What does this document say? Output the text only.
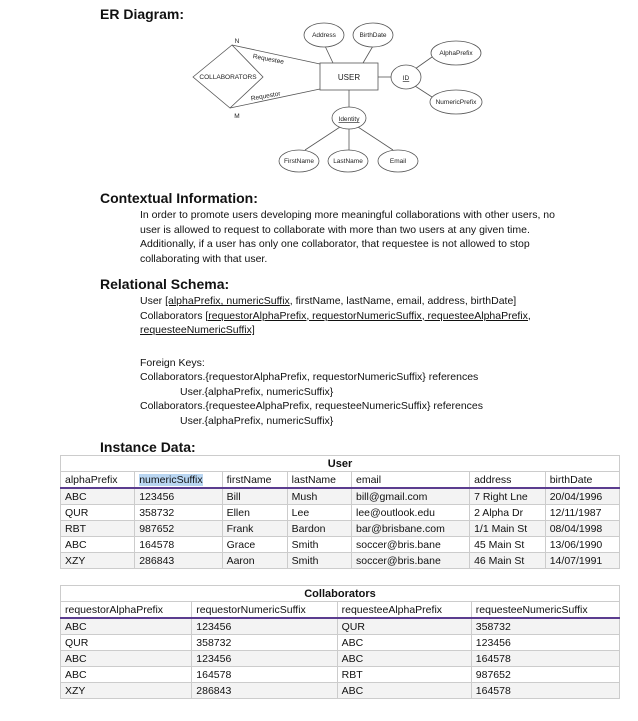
ER Diagram:
USER
COLLABORATORS
Address	BirthDate
ID
AlphaPrefix
NumericPrefix
Identity
FirstName	LastName	Email
Requestee
Requestor
N
M
Contextual Information:
In order to promote users developing more meaningful collaborations with other users, no
user is allowed to request to collaborate with more than two users at any given time.
Additionally, if a user has only one collaborator, that requestee is not allowed to stop
collaborating with that user.
Relational Schema:
User [alphaPrefix, numericSuffix, firstName, lastName, email, address, birthDate]
Collaborators [requestorAlphaPrefix, requestorNumericSuffix, requesteeAlphaPrefix,
requesteeNumericSuffix]
Foreign Keys:
Collaborators.{requestorAlphaPrefix, requestorNumericSuffix} references
User.{alphaPrefix, numericSuffix}
Collaborators.{requesteeAlphaPrefix, requesteeNumericSuffix} references
User.{alphaPrefix, numericSuffix}
Instance Data:
User						
alphaPrefix	numericSuffix	firstName	lastName	email	address	birthDate
ABC	123456	Bill	Mush	bill@gmail.com	7 Right Lne	20/04/1996
QUR	358732	Ellen	Lee	lee@outlook.edu	2 Alpha Dr	12/11/1987
RBT	987652	Frank	Bardon	bar@brisbane.com	1/1 Main St	08/04/1998
ABC	164578	Grace	Smith	soccer@bris.bane	45 Main St	13/06/1990
XZY	286843	Aaron	Smith	soccer@bris.bane	46 Main St	14/07/1991
Collaborators			
requestorAlphaPrefix	requestorNumericSuffix	requesteeAlphaPrefix	requesteeNumericSuffix
ABC	123456	QUR	358732
QUR	358732	ABC	123456
ABC	123456	ABC	164578
ABC	164578	RBT	987652
XZY	286843	ABC	164578
